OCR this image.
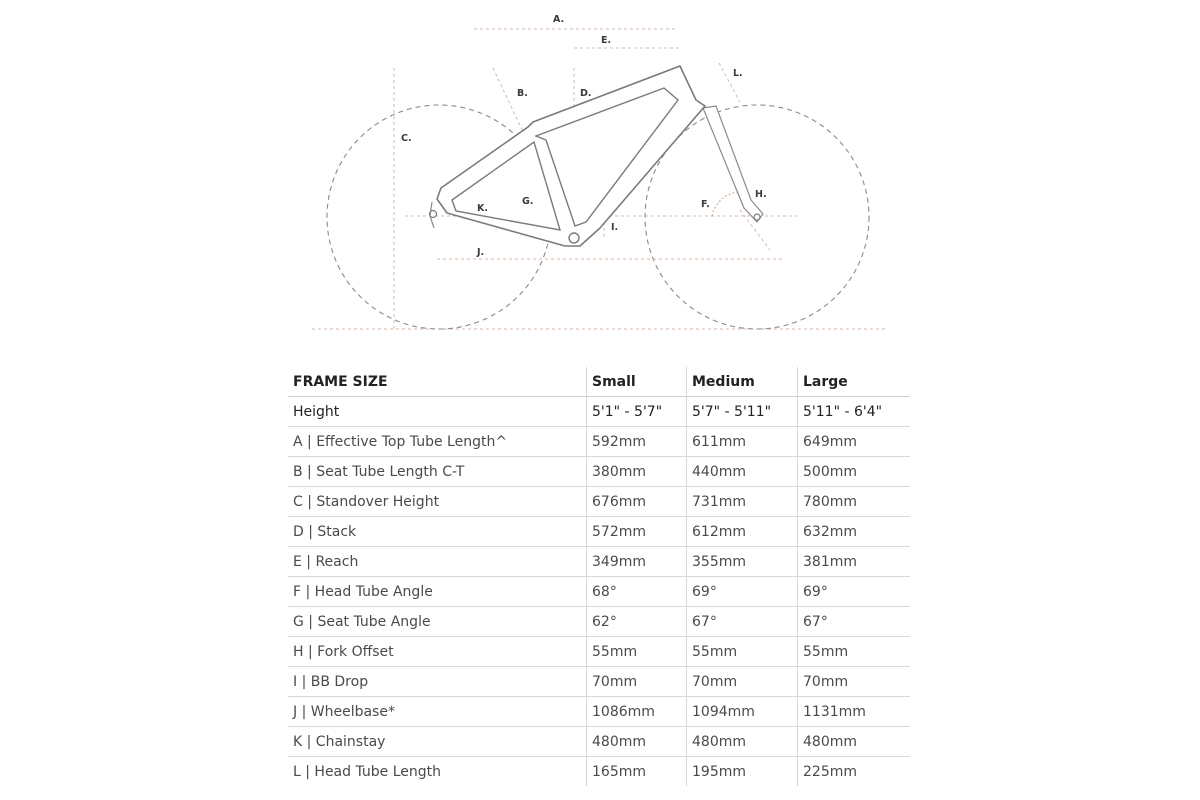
A.
B.
C.
D.
E.
F.
G.
H.
I.
J.
K.
L.
FRAME SIZE	Small	Medium	Large
Height	5'1" - 5'7"	5'7" - 5'11"	5'11" - 6'4"
A | Effective Top Tube Length^	592mm	611mm	649mm
B | Seat Tube Length C-T	380mm	440mm	500mm
C | Standover Height	676mm	731mm	780mm
D | Stack	572mm	612mm	632mm
E | Reach	349mm	355mm	381mm
F | Head Tube Angle	68°	69°	69°
G | Seat Tube Angle	62°	67°	67°
H | Fork Offset	55mm	55mm	55mm
I | BB Drop	70mm	70mm	70mm
J | Wheelbase*	1086mm	1094mm	1131mm
K | Chainstay	480mm	480mm	480mm
L | Head Tube Length	165mm	195mm	225mm
